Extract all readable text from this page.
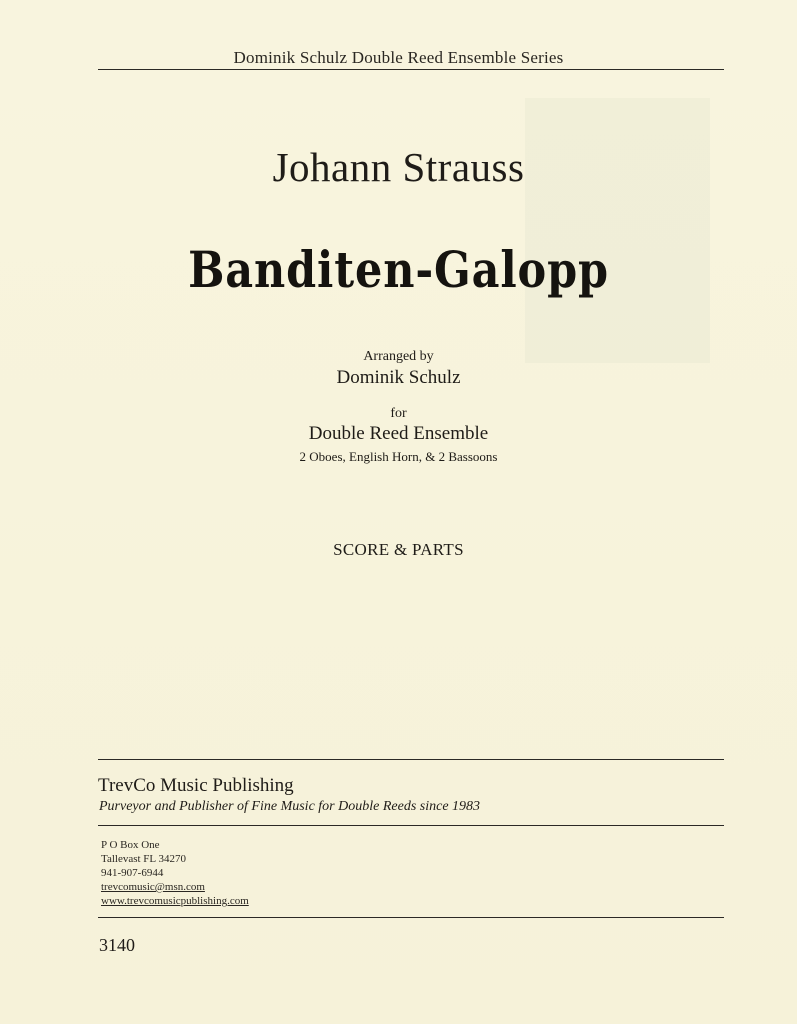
Dominik Schulz Double Reed Ensemble Series
Johann Strauss
Banditen-Galopp
Arranged by
Dominik Schulz
for
Double Reed Ensemble
2 Oboes, English Horn, & 2 Bassoons
SCORE & PARTS
TrevCo Music Publishing
Purveyor and Publisher of Fine Music for Double Reeds since 1983
P O Box One
Tallevast FL 34270
941-907-6944
trevcomusic@msn.com
www.trevcomusicpublishing.com
3140
